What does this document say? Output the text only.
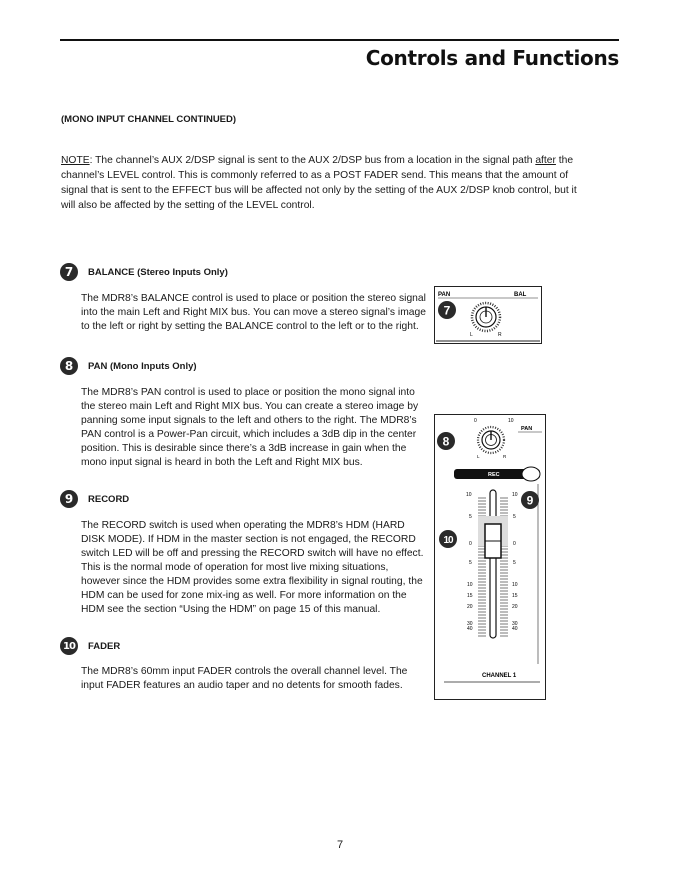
Controls and Functions
(MONO INPUT CHANNEL CONTINUED)
NOTE: The channel’s AUX 2/DSP signal is sent to the AUX 2/DSP bus from a location in the signal path after the channel’s LEVEL control. This is commonly referred to as a POST FADER send. This means that the amount of signal that is sent to the EFFECT bus will be affected not only by the setting of the AUX 2/DSP knob control, but it will also be affected by the setting of the LEVEL control.
7	BALANCE (Stereo Inputs Only)
The MDR8’s BALANCE control is used to place or position the stereo signal into the main Left and Right MIX bus. You can move a stereo signal’s image to the left or right by setting the BALANCE control to the left or to the right.
8	PAN (Mono Inputs Only)
The MDR8’s PAN control is used to place or position the mono signal into the stereo main Left and Right MIX bus. You can create a stereo image by panning some input signals to the left and others to the right. The MDR8’s PAN control is a Power-Pan circuit, which includes a 3dB dip in the center position. This is desirable since there’s a 3dB increase in gain when the mono input signal is heard in both the Left and Right MIX bus.
9	RECORD
The RECORD switch is used when operating the MDR8’s HDM (HARD DISK MODE). If HDM in the master section is not engaged, the RECORD switch LED will be off and pressing the RECORD switch will have no effect. This is the normal mode of operation for most live mixing situations, however since the HDM provides some extra flexibility in signal routing, the HDM can be used for zone mix-ing as well. For more information on the HDM see the section “Using the HDM” on page 15 of this manual.
10	FADER
The MDR8’s 60mm input FADER controls the overall channel level. The input FADER features an audio taper and no detents for smooth fades.
PAN	BAL
L	R
7
0	10
PAN
L	R
REC
10	10
5	5
0	0
5	5
10	10
15	15
20	20
30	30
40	40
CHANNEL 1
8
9
10
7
